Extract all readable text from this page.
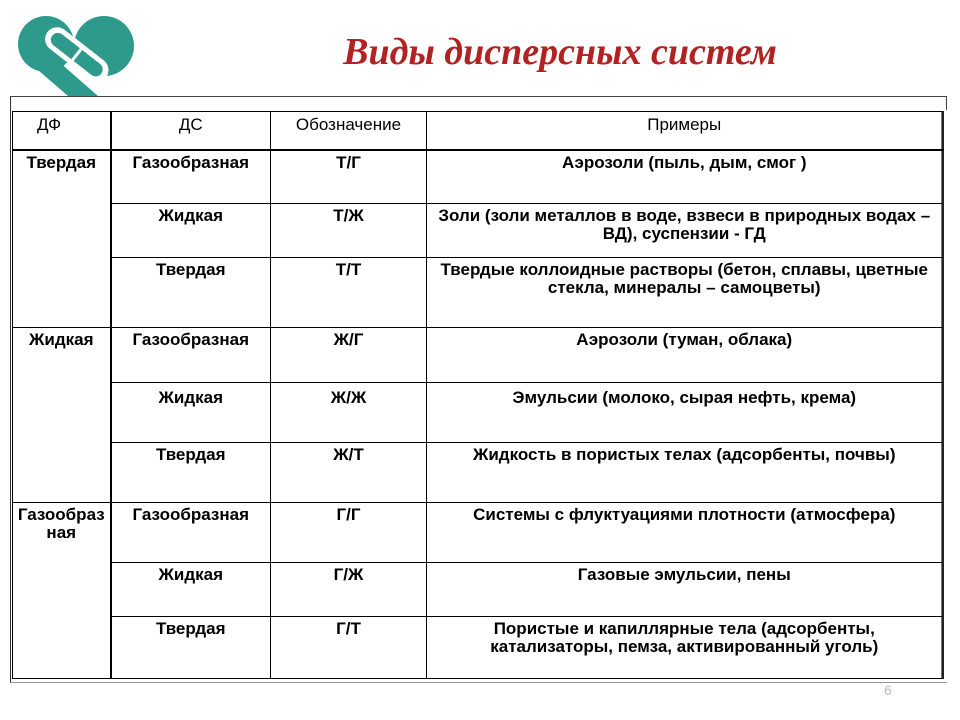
Виды дисперсных систем
ДФ	ДС	Обозначение	Примеры
Твердая	Газообразная	Т/Г	Аэрозоли (пыль, дым, смог )
	Жидкая	Т/Ж	Золи (золи металлов в воде, взвеси в природных водах – ВД), суспензии - ГД
	Твердая	Т/Т	Твердые коллоидные растворы (бетон, сплавы, цветные стекла, минералы – самоцветы)
Жидкая	Газообразная	Ж/Г	Аэрозоли (туман, облака)
	Жидкая	Ж/Ж	Эмульсии (молоко, сырая нефть, крема)
	Твердая	Ж/Т	Жидкость в пористых телах (адсорбенты, почвы)
Газообразная	Газообразная	Г/Г	Системы с флуктуациями плотности (атмосфера)
	Жидкая	Г/Ж	Газовые эмульсии, пены
	Твердая	Г/Т	Пористые и капиллярные тела (адсорбенты, катализаторы, пемза, активированный уголь)
6
